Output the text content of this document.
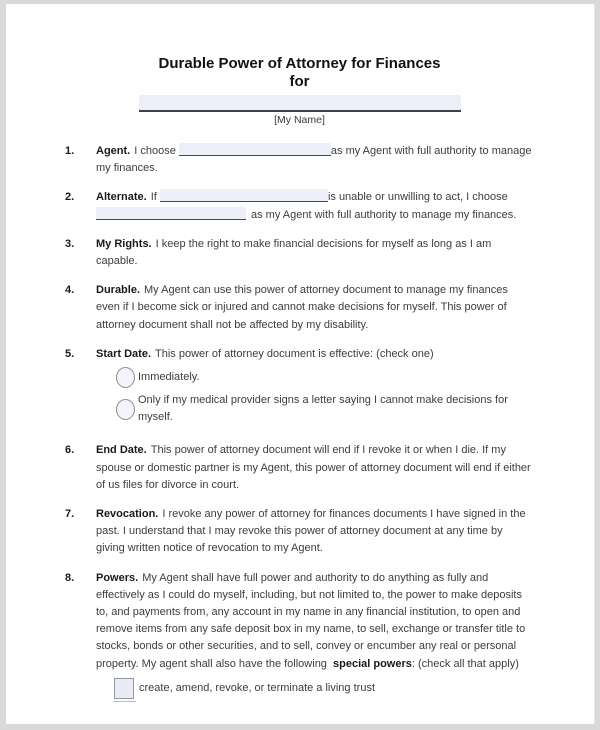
Durable Power of Attorney for Finances
for
[My Name]
1.	Agent. I choose	as my Agent with full authority to manage my finances.
2.	Alternate. If	is unable or unwilling to act, I choose
as my Agent with full authority to manage my finances.
3.	My Rights. I keep the right to make financial decisions for myself as long as I am capable.
4.	Durable. My Agent can use this power of attorney document to manage my finances even if I become sick or injured and cannot make decisions for myself. This power of attorney document shall not be affected by my disability.
5.	Start Date. This power of attorney document is effective: (check one)
Immediately.
Only if my medical provider signs a letter saying I cannot make decisions for myself.
6.	End Date. This power of attorney document will end if I revoke it or when I die. If my spouse or domestic partner is my Agent, this power of attorney document will end if either of us files for divorce in court.
7.	Revocation. I revoke any power of attorney for finances documents I have signed in the past. I understand that I may revoke this power of attorney document at any time by giving written notice of revocation to my Agent.
8.	Powers. My Agent shall have full power and authority to do anything as fully and effectively as I could do myself, including, but not limited to, the power to make deposits to, and payments from, any account in my name in any financial institution, to open and remove items from any safe deposit box in my name, to sell, exchange or transfer title to stocks, bonds or other securities, and to sell, convey or encumber any real or personal property. My agent shall also have the following special powers: (check all that apply)
create, amend, revoke, or terminate a living trust
